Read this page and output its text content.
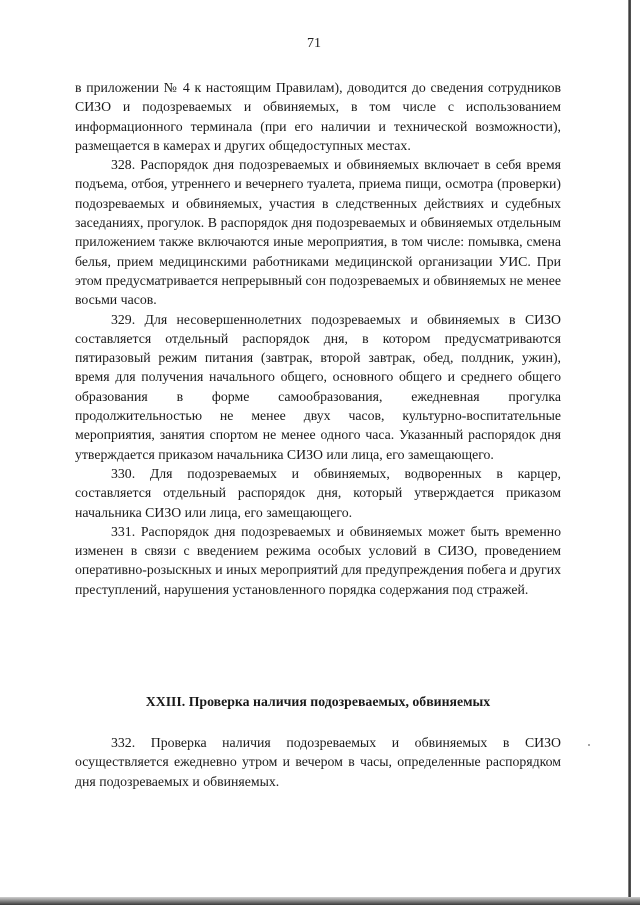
71

в приложении № 4 к настоящим Правилам), доводится до сведения сотрудников СИЗО и подозреваемых и обвиняемых, в том числе с использованием информационного терминала (при его наличии и технической возможности), размещается в камерах и других общедоступных местах.

328. Распорядок дня подозреваемых и обвиняемых включает в себя время подъема, отбоя, утреннего и вечернего туалета, приема пищи, осмотра (проверки) подозреваемых и обвиняемых, участия в следственных действиях и судебных заседаниях, прогулок. В распорядок дня подозреваемых и обвиняемых отдельным приложением также включаются иные мероприятия, в том числе: помывка, смена белья, прием медицинскими работниками медицинской организации УИС. При этом предусматривается непрерывный сон подозреваемых и обвиняемых не менее восьми часов.

329. Для несовершеннолетних подозреваемых и обвиняемых в СИЗО составляется отдельный распорядок дня, в котором предусматриваются пятиразовый режим питания (завтрак, второй завтрак, обед, полдник, ужин), время для получения начального общего, основного общего и среднего общего образования в форме самообразования, ежедневная прогулка продолжительностью не менее двух часов, культурно-воспитательные мероприятия, занятия спортом не менее одного часа. Указанный распорядок дня утверждается приказом начальника СИЗО или лица, его замещающего.

330. Для подозреваемых и обвиняемых, водворенных в карцер, составляется отдельный распорядок дня, который утверждается приказом начальника СИЗО или лица, его замещающего.

331. Распорядок дня подозреваемых и обвиняемых может быть временно изменен в связи с введением режима особых условий в СИЗО, проведением оперативно-розыскных и иных мероприятий для предупреждения побега и других преступлений, нарушения установленного порядка содержания под стражей.

XXIII. Проверка наличия подозреваемых, обвиняемых

332. Проверка наличия подозреваемых и обвиняемых в СИЗО осуществляется ежедневно утром и вечером в часы, определенные распорядком дня подозреваемых и обвиняемых.
